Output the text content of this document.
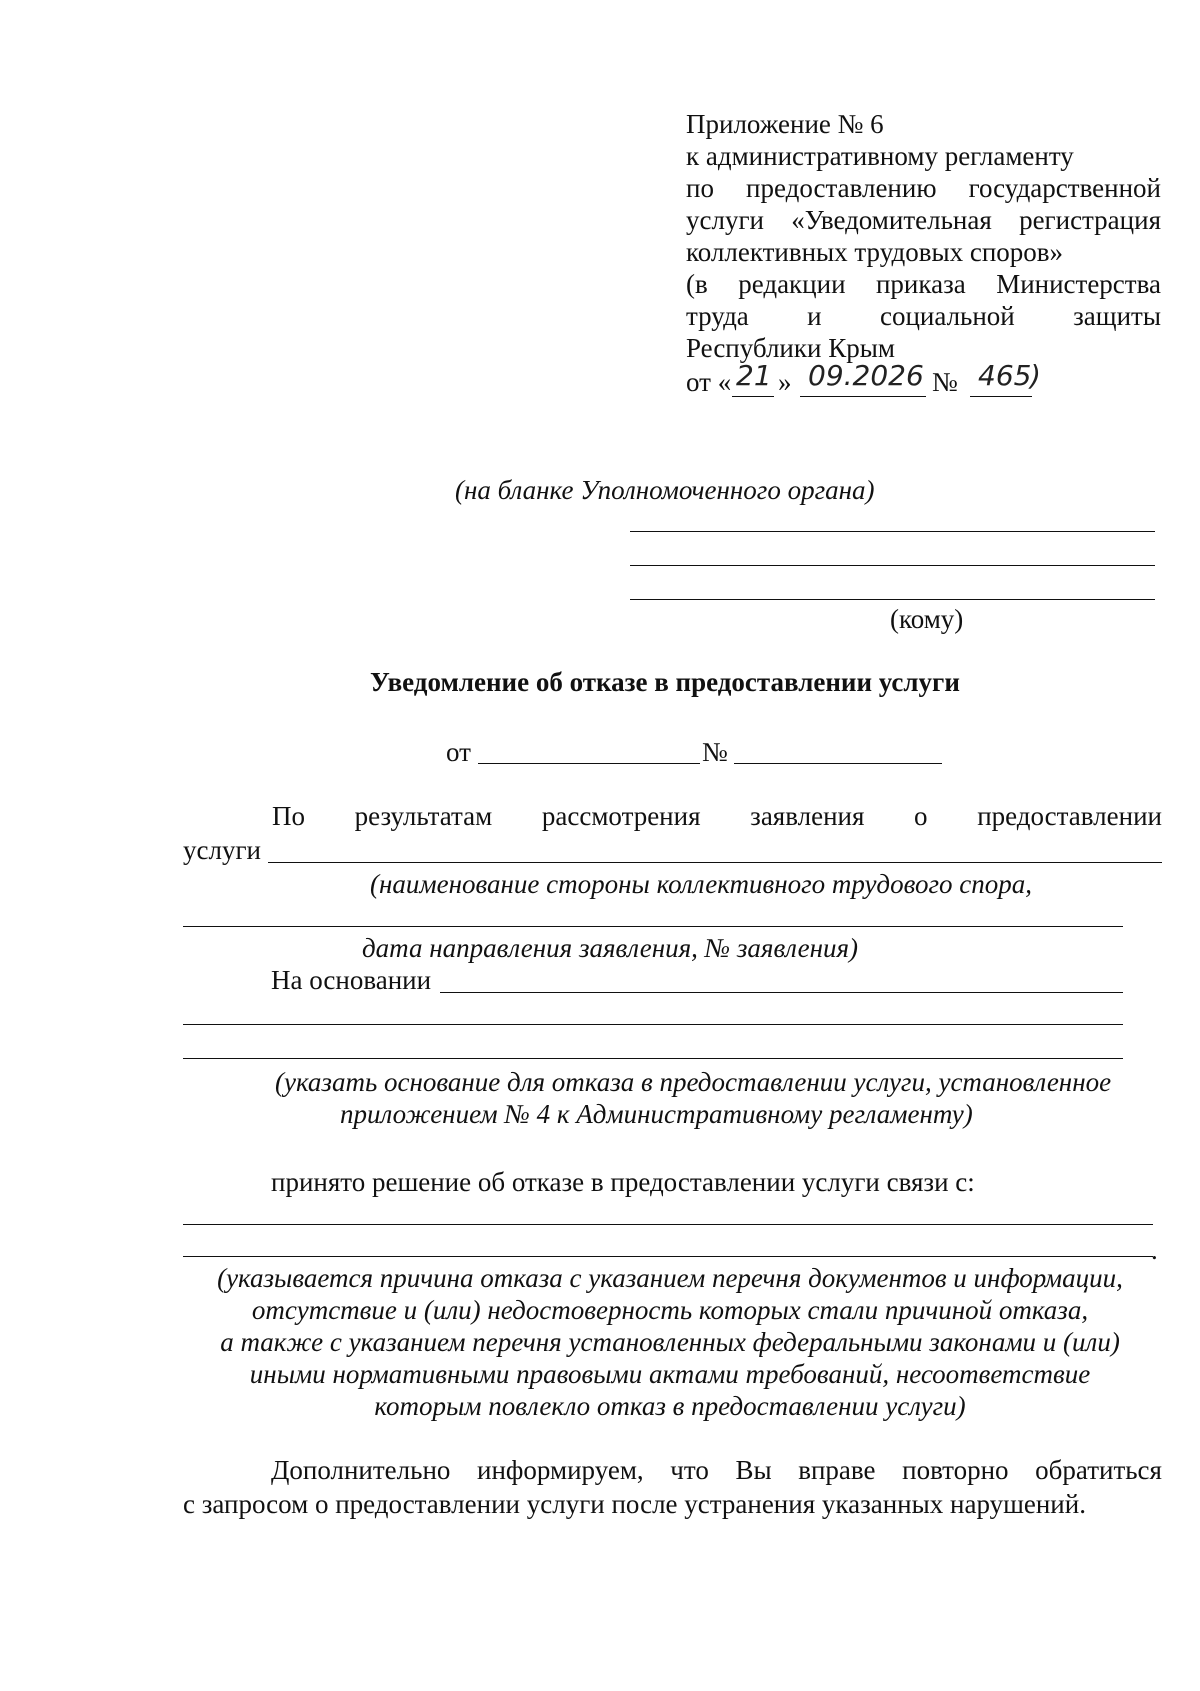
Приложение № 6
к административному регламенту
по предоставлению государственной
услуги «Уведомительная регистрация
коллективных трудовых споров»
(в редакции приказа Министерства
труда и социальной защиты
Республики Крым
от « 21 » 09.2026 № 465
)
(на бланке Уполномоченного органа)
(кому)
Уведомление об отказе в предоставлении услуги
от	№
По результатам рассмотрения заявления о предоставлении
услуги
(наименование стороны коллективного трудового спора,
дата направления заявления, № заявления)
На основании
(указать основание для отказа в предоставлении услуги, установленное
приложением № 4 к Административному регламенту)
принято решение об отказе в предоставлении услуги связи с:
.
(указывается причина отказа с указанием перечня документов и информации,
отсутствие и (или) недостоверность которых стали причиной отказа,
а также с указанием перечня установленных федеральными законами и (или)
иными нормативными правовыми актами требований, несоответствие
которым повлекло отказ в предоставлении услуги)
Дополнительно информируем, что Вы вправе повторно обратиться
с запросом о предоставлении услуги после устранения указанных нарушений.
